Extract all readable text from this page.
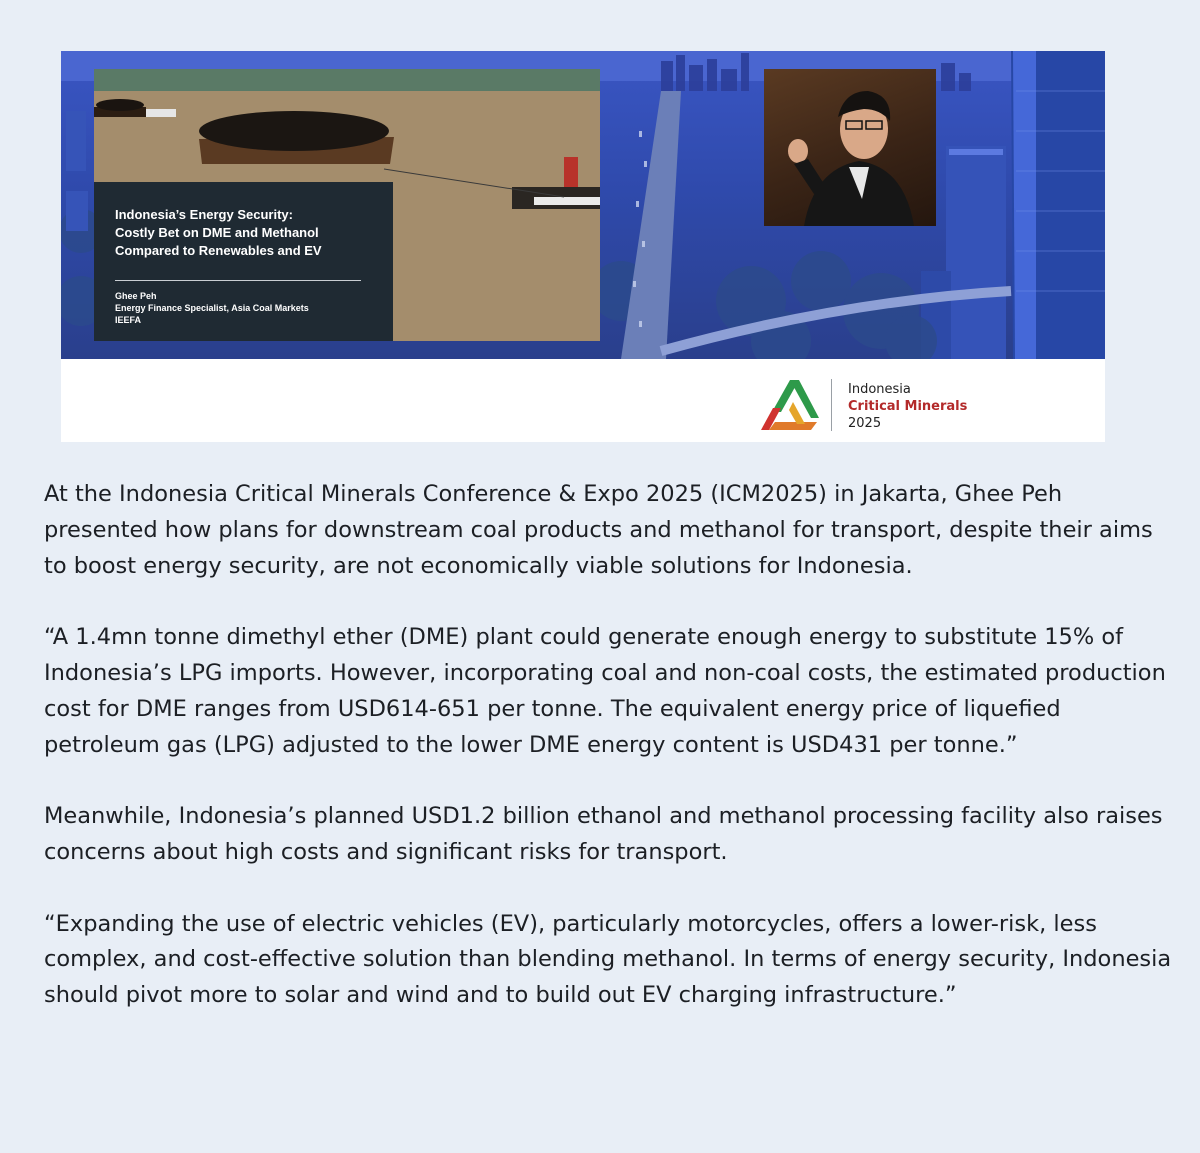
Indonesia’s Energy Security:
Costly Bet on DME and Methanol
Compared to Renewables and EV
Ghee Peh
Energy Finance Specialist, Asia Coal Markets
IEEFA
Indonesia
Critical Minerals
2025

At the Indonesia Critical Minerals Conference & Expo 2025 (ICM2025) in Jakarta, Ghee Peh presented how plans for downstream coal products and methanol for transport, despite their aims to boost energy security, are not economically viable solutions for Indonesia.

“A 1.4mn tonne dimethyl ether (DME) plant could generate enough energy to substitute 15% of Indonesia’s LPG imports. However, incorporating coal and non-coal costs, the estimated production cost for DME ranges from USD614-651 per tonne. The equivalent energy price of liquefied petroleum gas (LPG) adjusted to the lower DME energy content is USD431 per tonne.”

Meanwhile, Indonesia’s planned USD1.2 billion ethanol and methanol processing facility also raises concerns about high costs and significant risks for transport.

“Expanding the use of electric vehicles (EV), particularly motorcycles, offers a lower-risk, less complex, and cost-effective solution than blending methanol. In terms of energy security, Indonesia should pivot more to solar and wind and to build out EV charging infrastructure.”
